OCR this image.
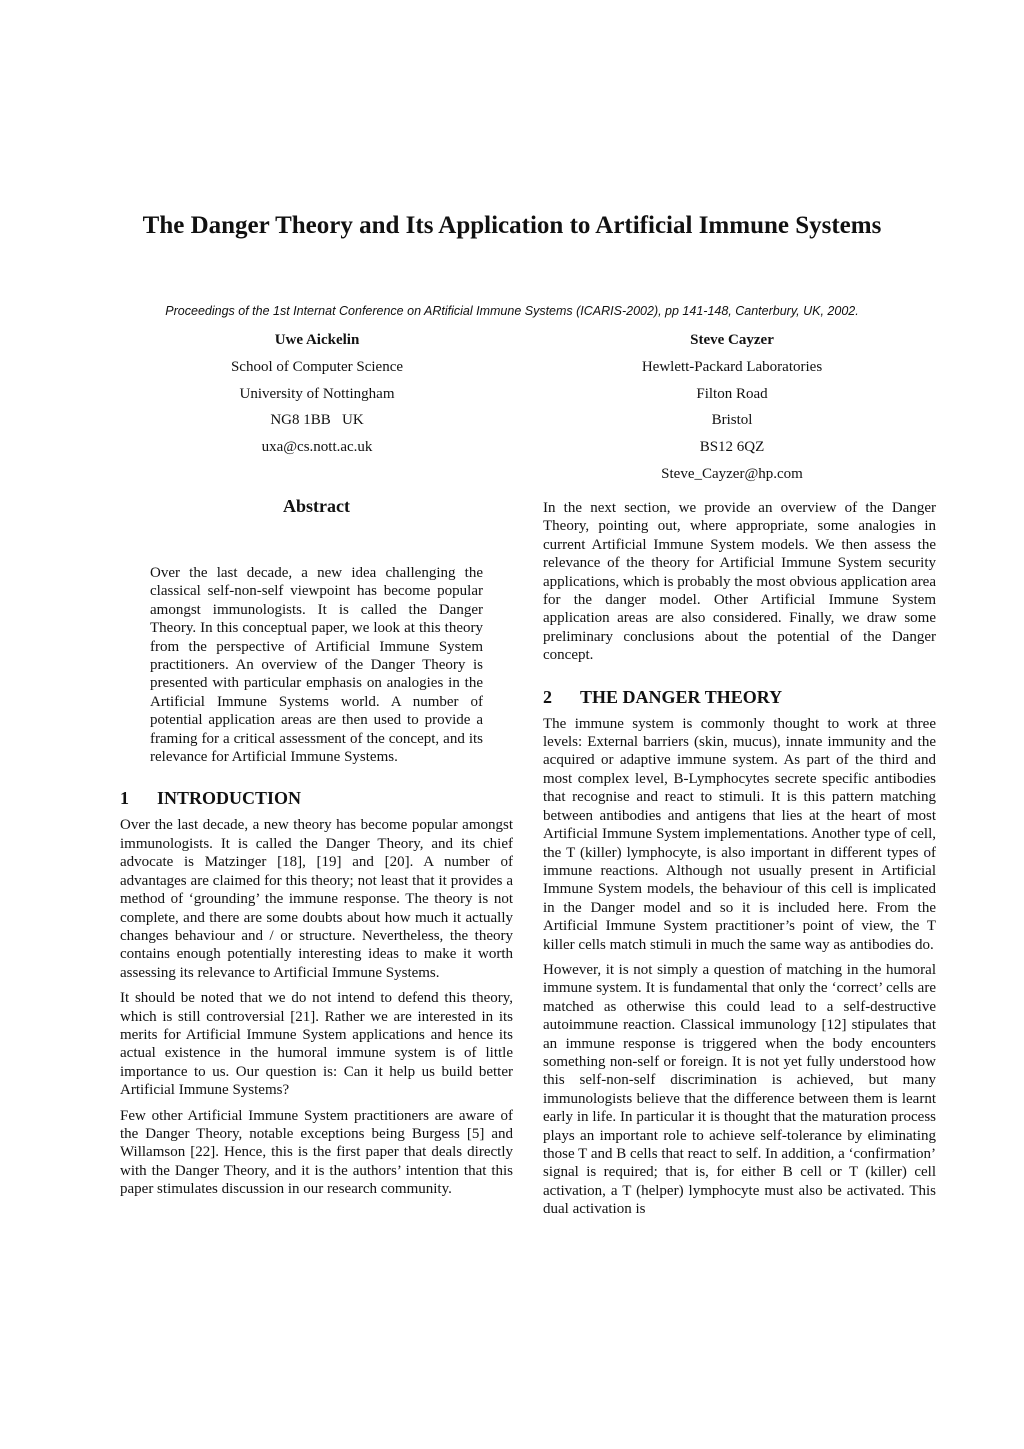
The Danger Theory and Its Application to Artificial Immune Systems
Proceedings of the 1st Internat Conference on ARtificial Immune Systems (ICARIS-2002), pp 141-148, Canterbury, UK, 2002.
Uwe Aickelin
School of Computer Science
University of Nottingham
NG8 1BB   UK
uxa@cs.nott.ac.uk
Steve Cayzer
Hewlett-Packard Laboratories
Filton Road
Bristol
BS12 6QZ
Steve_Cayzer@hp.com
Abstract

Over the last decade, a new idea challenging the classical self-non-self viewpoint has become popular amongst immunologists. It is called the Danger Theory. In this conceptual paper, we look at this theory from the perspective of Artificial Immune System practitioners. An overview of the Danger Theory is presented with particular emphasis on analogies in the Artificial Immune Systems world. A number of potential application areas are then used to provide a framing for a critical assessment of the concept, and its relevance for Artificial Immune Systems.

1	INTRODUCTION

Over the last decade, a new theory has become popular amongst immunologists. It is called the Danger Theory, and its chief advocate is Matzinger [18], [19] and [20]. A number of advantages are claimed for this theory; not least that it provides a method of ‘grounding’ the immune response. The theory is not complete, and there are some doubts about how much it actually changes behaviour and / or structure. Nevertheless, the theory contains enough potentially interesting ideas to make it worth assessing its relevance to Artificial Immune Systems.

It should be noted that we do not intend to defend this theory, which is still controversial [21]. Rather we are interested in its merits for Artificial Immune System applications and hence its actual existence in the humoral immune system is of little importance to us. Our question is: Can it help us build better Artificial Immune Systems?

Few other Artificial Immune System practitioners are aware of the Danger Theory, notable exceptions being Burgess [5] and Willamson [22]. Hence, this is the first paper that deals directly with the Danger Theory, and it is the authors’ intention that this paper stimulates discussion in our research community.

In the next section, we provide an overview of the Danger Theory, pointing out, where appropriate, some analogies in current Artificial Immune System models. We then assess the relevance of the theory for Artificial Immune System security applications, which is probably the most obvious application area for the danger model. Other Artificial Immune System application areas are also considered. Finally, we draw some preliminary conclusions about the potential of the Danger concept.

2	THE DANGER THEORY

The immune system is commonly thought to work at three levels: External barriers (skin, mucus), innate immunity and the acquired or adaptive immune system. As part of the third and most complex level, B-Lymphocytes secrete specific antibodies that recognise and react to stimuli. It is this pattern matching between antibodies and antigens that lies at the heart of most Artificial Immune System implementations. Another type of cell, the T (killer) lymphocyte, is also important in different types of immune reactions. Although not usually present in Artificial Immune System models, the behaviour of this cell is implicated in the Danger model and so it is included here. From the Artificial Immune System practitioner’s point of view, the T killer cells match stimuli in much the same way as antibodies do.

However, it is not simply a question of matching in the humoral immune system. It is fundamental that only the ‘correct’ cells are matched as otherwise this could lead to a self-destructive autoimmune reaction. Classical immunology [12] stipulates that an immune response is triggered when the body encounters something non-self or foreign. It is not yet fully understood how this self-non-self discrimination is achieved, but many immunologists believe that the difference between them is learnt early in life. In particular it is thought that the maturation process plays an important role to achieve self-tolerance by eliminating those T and B cells that react to self. In addition, a ‘confirmation’ signal is required; that is, for either B cell or T (killer) cell activation, a T (helper) lymphocyte must also be activated. This dual activation is
